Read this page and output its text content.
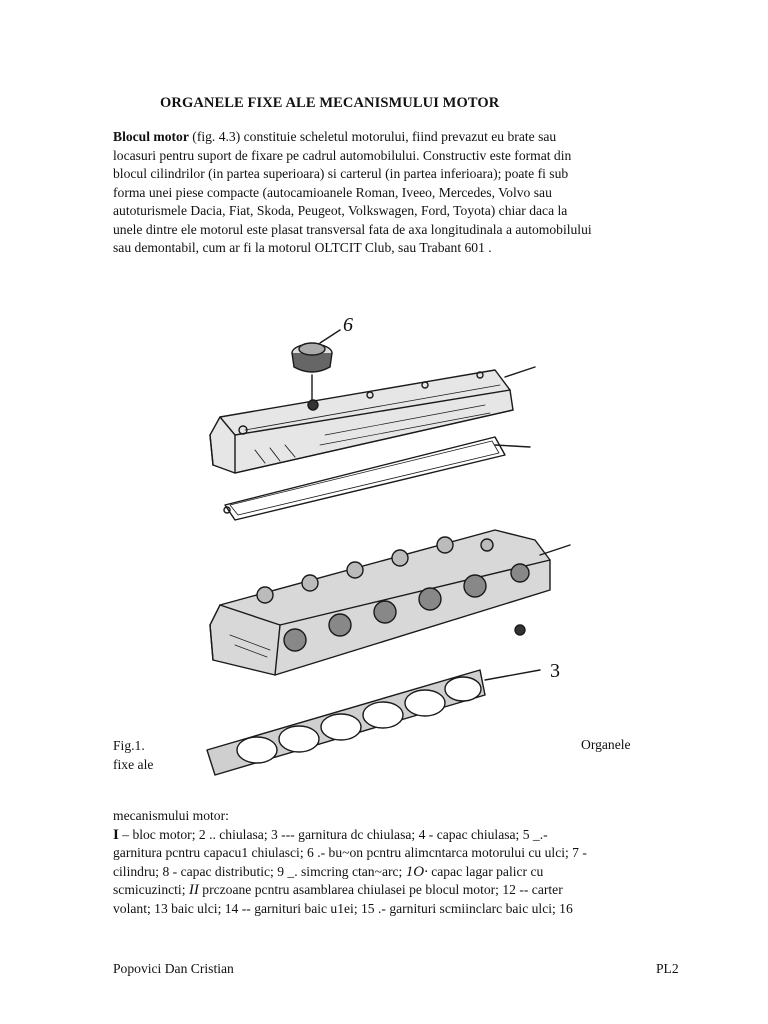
ORGANELE FIXE ALE MECANISMULUI MOTOR
Blocul motor (fig. 4.3) constituie scheletul motorului, fiind prevazut eu brate sau
locasuri pentru suport de fixare pe cadrul automobilului. Constructiv este format din
blocul cilindrilor (in partea superioara) si carterul (in partea inferioara); poate fi sub
forma unei piese compacte (autocamioanele Roman, Iveeo, Mercedes, Volvo sau
autoturismele Dacia, Fiat, Skoda, Peugeot, Volkswagen, Ford, Toyota) chiar daca la
unele dintre ele motorul este plasat transversal fata de axa longitudinala a automobilului
sau demontabil, cum ar fi la motorul OLTCIT Club, sau Trabant 601 .
6
3
Fig.1.
fixe ale
Organele
mecanismului motor:
I – bloc motor; 2 .. chiulasa; 3 --- garnitura dc chiulasa; 4 - capac chiulasa; 5 _.-
garnitura pcntru capacu1 chiulasci; 6 .- bu~on pcntru alimcntarca motorului cu ulci; 7 -
cilindru; 8 - capac distributic; 9 _. simcring ctan~arc; 1O· capac lagar palicr cu
scmicuzincti; II prczoane pcntru asamblarea chiulasei pe blocul motor; 12 -- carter
volant; 13 baic ulci; 14 -- garnituri baic u1ei; 15 .- garnituri scmiinclarc baic ulci; 16
Popovici Dan Cristian	PL2
